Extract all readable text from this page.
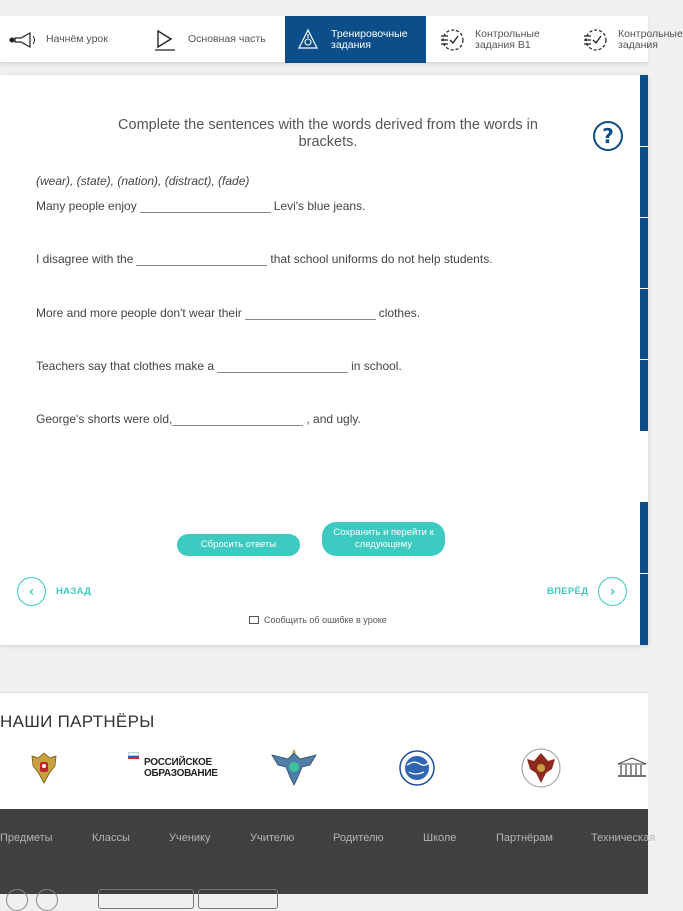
Начнём урок	Основная часть	Тренировочные задания
Контрольные задания В1
Контрольные задания
Complete the sentences with the words derived from the words in brackets.	?
(wear), (state), (nation), (distract), (fade)
Many people enjoy	Levi's blue jeans.
I disagree with the	that school uniforms do not help students.
More and more people don't wear their	clothes.
Teachers say that clothes make a	in school.
George's shorts were old,	, and ugly.
Сбросить ответы
Сохранить и перейти к следующему
‹	НАЗАД	ВПЕРЁД	›
Сообщить об ошибке в уроке
НАШИ ПАРТНЁРЫ
РОССИЙСКОЕ
ОБРАЗОВАНИЕ
Предметы	Классы	Ученику	Учителю	Родителю	Школе	Партнёрам	Техническая
